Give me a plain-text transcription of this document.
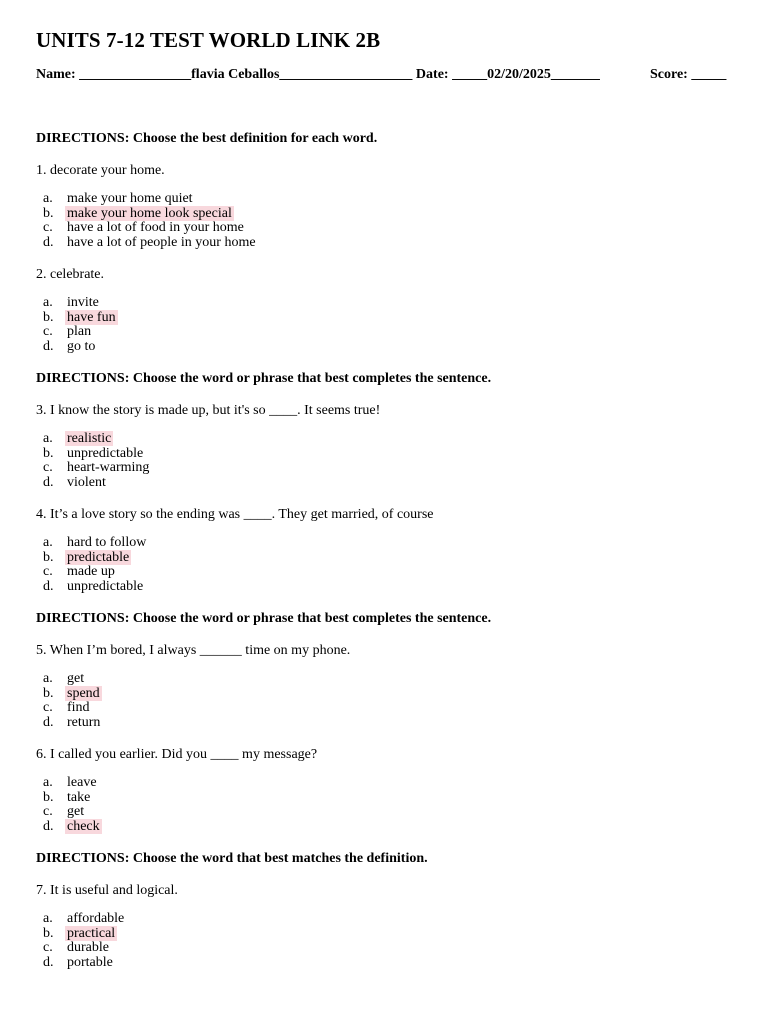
UNITS 7-12 TEST WORLD LINK 2B
Name: ________________flavia Ceballos___________________ Date: _____02/20/2025_______	Score: _____
DIRECTIONS: Choose the best definition for each word.
1. decorate your home.
a. make your home quiet
b. make your home look special
c. have a lot of food in your home
d. have a lot of people in your home
2. celebrate.
a. invite
b. have fun
c. plan
d. go to
DIRECTIONS: Choose the word or phrase that best completes the sentence.
3. I know the story is made up, but it's so ____. It seems true!
a. realistic
b. unpredictable
c. heart-warming
d. violent
4. It’s a love story so the ending was ____. They get married, of course
a. hard to follow
b. predictable
c. made up
d. unpredictable
DIRECTIONS: Choose the word or phrase that best completes the sentence.
5. When I’m bored, I always ______ time on my phone.
a. get
b. spend
c. find
d. return
6. I called you earlier. Did you ____ my message?
a. leave
b. take
c. get
d. check
DIRECTIONS: Choose the word that best matches the definition.
7. It is useful and logical.
a. affordable
b. practical
c. durable
d. portable
